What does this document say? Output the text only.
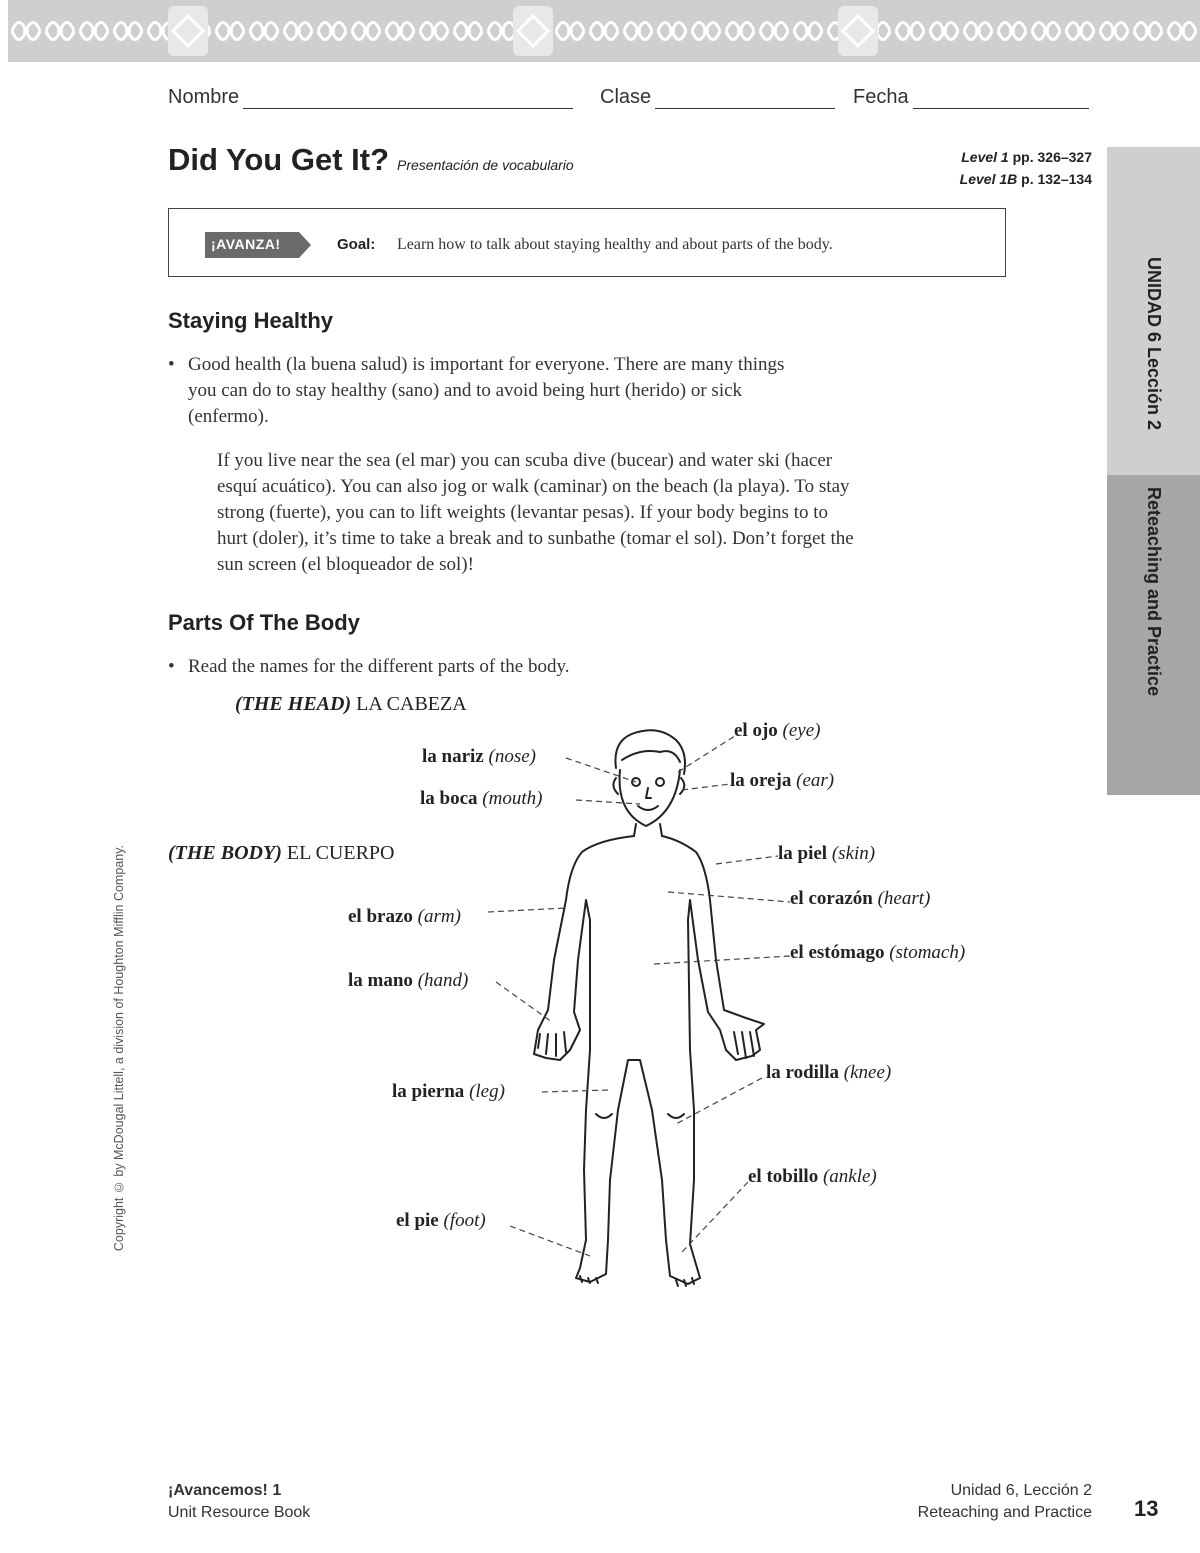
Nombre	Clase	Fecha
Did You Get It? Presentación de vocabulario	Level 1 pp. 326–327
Level 1B p. 132–134
¡AVANZA!	Goal: Learn how to talk about staying healthy and about parts of the body.
Staying Healthy
• Good health (la buena salud) is important for everyone. There are many things
you can do to stay healthy (sano) and to avoid being hurt (herido) or sick
(enfermo).
If you live near the sea (el mar) you can scuba dive (bucear) and water ski (hacer
esquí acuático). You can also jog or walk (caminar) on the beach (la playa). To stay
strong (fuerte), you can to lift weights (levantar pesas). If your body begins to to
hurt (doler), it’s time to take a break and to sunbathe (tomar el sol). Don’t forget the
sun screen (el bloqueador de sol)!
Parts Of The Body
• Read the names for the different parts of the body.
(THE HEAD) LA CABEZA
(THE BODY) EL CUERPO
el ojo (eye)
la nariz (nose)
la oreja (ear)
la boca (mouth)
la piel (skin)
el corazón (heart)
el brazo (arm)
el estómago (stomach)
la mano (hand)
la rodilla (knee)
la pierna (leg)
el tobillo (ankle)
el pie (foot)
UNIDAD 6 Lección 2
Reteaching and Practice
Copyright © by McDougal Littell, a division of Houghton Mifflin Company.
¡Avancemos! 1
Unit Resource Book
Unidad 6, Lección 2
Reteaching and Practice 13
